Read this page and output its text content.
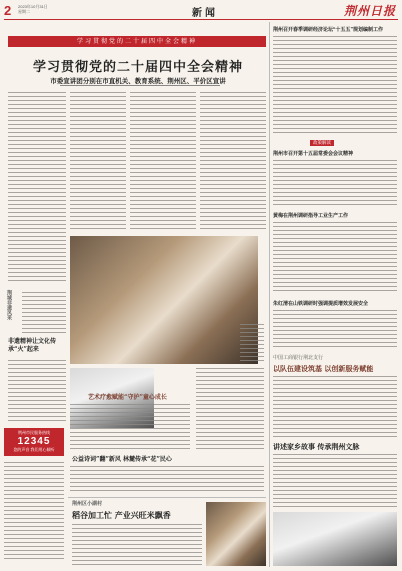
2 2023年10月31日
星期二	新闻	荆州日报
学习贯彻党的二十届四中全会精神
学习贯彻党的二十届四中全会精神
市委宣讲团分别在市直机关、教育系统、荆州区、平价区宣讲
荆域非遗风采
非遗精神让文化传承“火”起来
荆州市民服务热线
12345
您的声音 我们用心倾听
艺术疗愈赋能“守护”童心成长
公益诗词”翻”新风 林麓传承“花”民心
荆州区小湖村
稻谷加工忙 产业兴旺米飘香
荆州召开春季调研经济论坛“十五五”规划编制工作
政策解读
荆州市召开第十五届常委会会议精神
黄梅在荆州调研指导工业生产工作
朱红清在山铁调研时强调提质增效发展安全
中国工商银行荆北支行
以队伍建设筑基 以创新服务赋能
讲述家乡故事 传承荆州文脉
